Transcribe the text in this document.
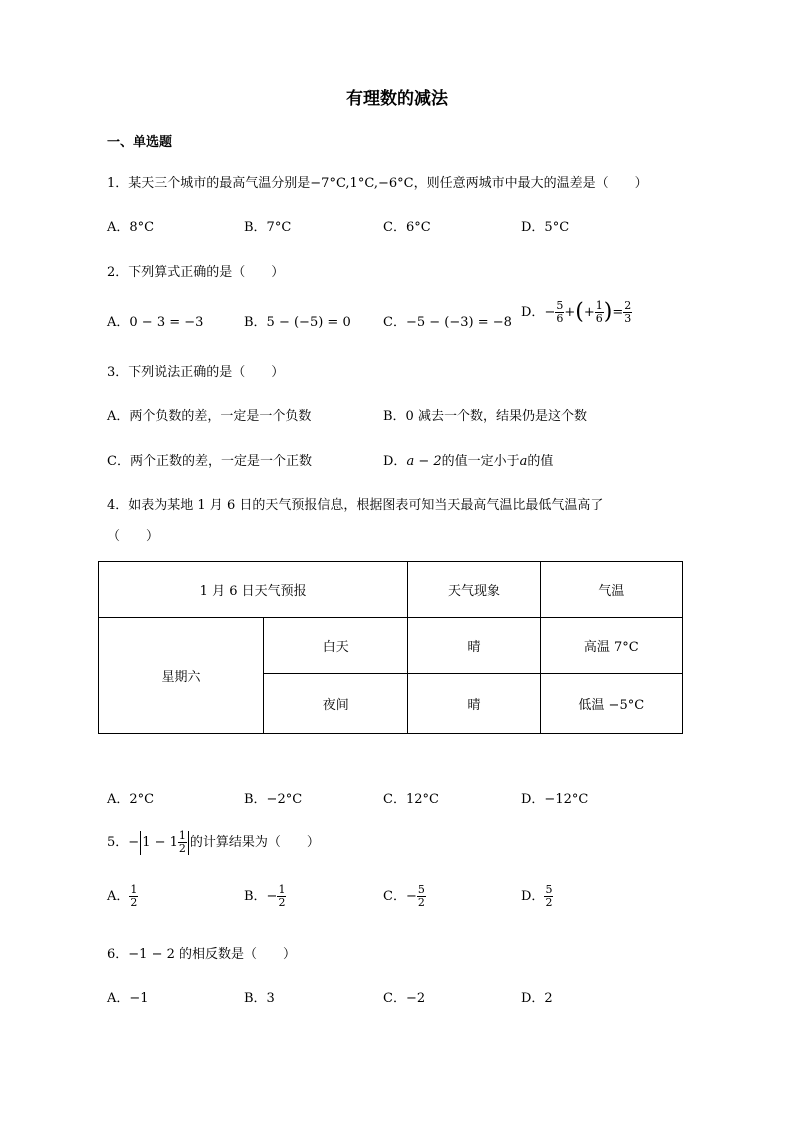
有理数的减法
一、单选题
1．某天三个城市的最高气温分别是−7°C,1°C,−6°C，则任意两城市中最大的温差是（　　）
A．8°C	B．7°C	C．6°C	D．5°C
2．下列算式正确的是（　　）
A．0 − 3 = −3	B．5 − (−5) = 0 C．−5 − (−3) = −8
D．− $\frac{5}{6}$ +(+ $\frac{1}{6}$ )= $\frac{2}{3}$
3．下列说法正确的是（　　）
A．两个负数的差，一定是一个负数	B．0 减去一个数，结果仍是这个数
C．两个正数的差，一定是一个正数	D．a − 2的值一定小于a的值
4．如表为某地 1 月 6 日的天气预报信息，根据图表可知当天最高气温比最低气温高了
（　　）
1 月 6 日天气预报		天气现象	气温
星期六	白天	晴	高温 7°C
	夜间	晴	低温 −5°C
A．2°C	B．−2°C	C．12°C	D．−12°C
5．− $1 - 1 \frac{1}{2}$ 的计算结果为（　　）
A． $\frac{1}{2}$	B．− $\frac{1}{2}$	C．− $\frac{5}{2}$	D． $\frac{5}{2}$
6．−1 − 2 的相反数是（　　）
A．−1	B．3	C．−2	D．2
